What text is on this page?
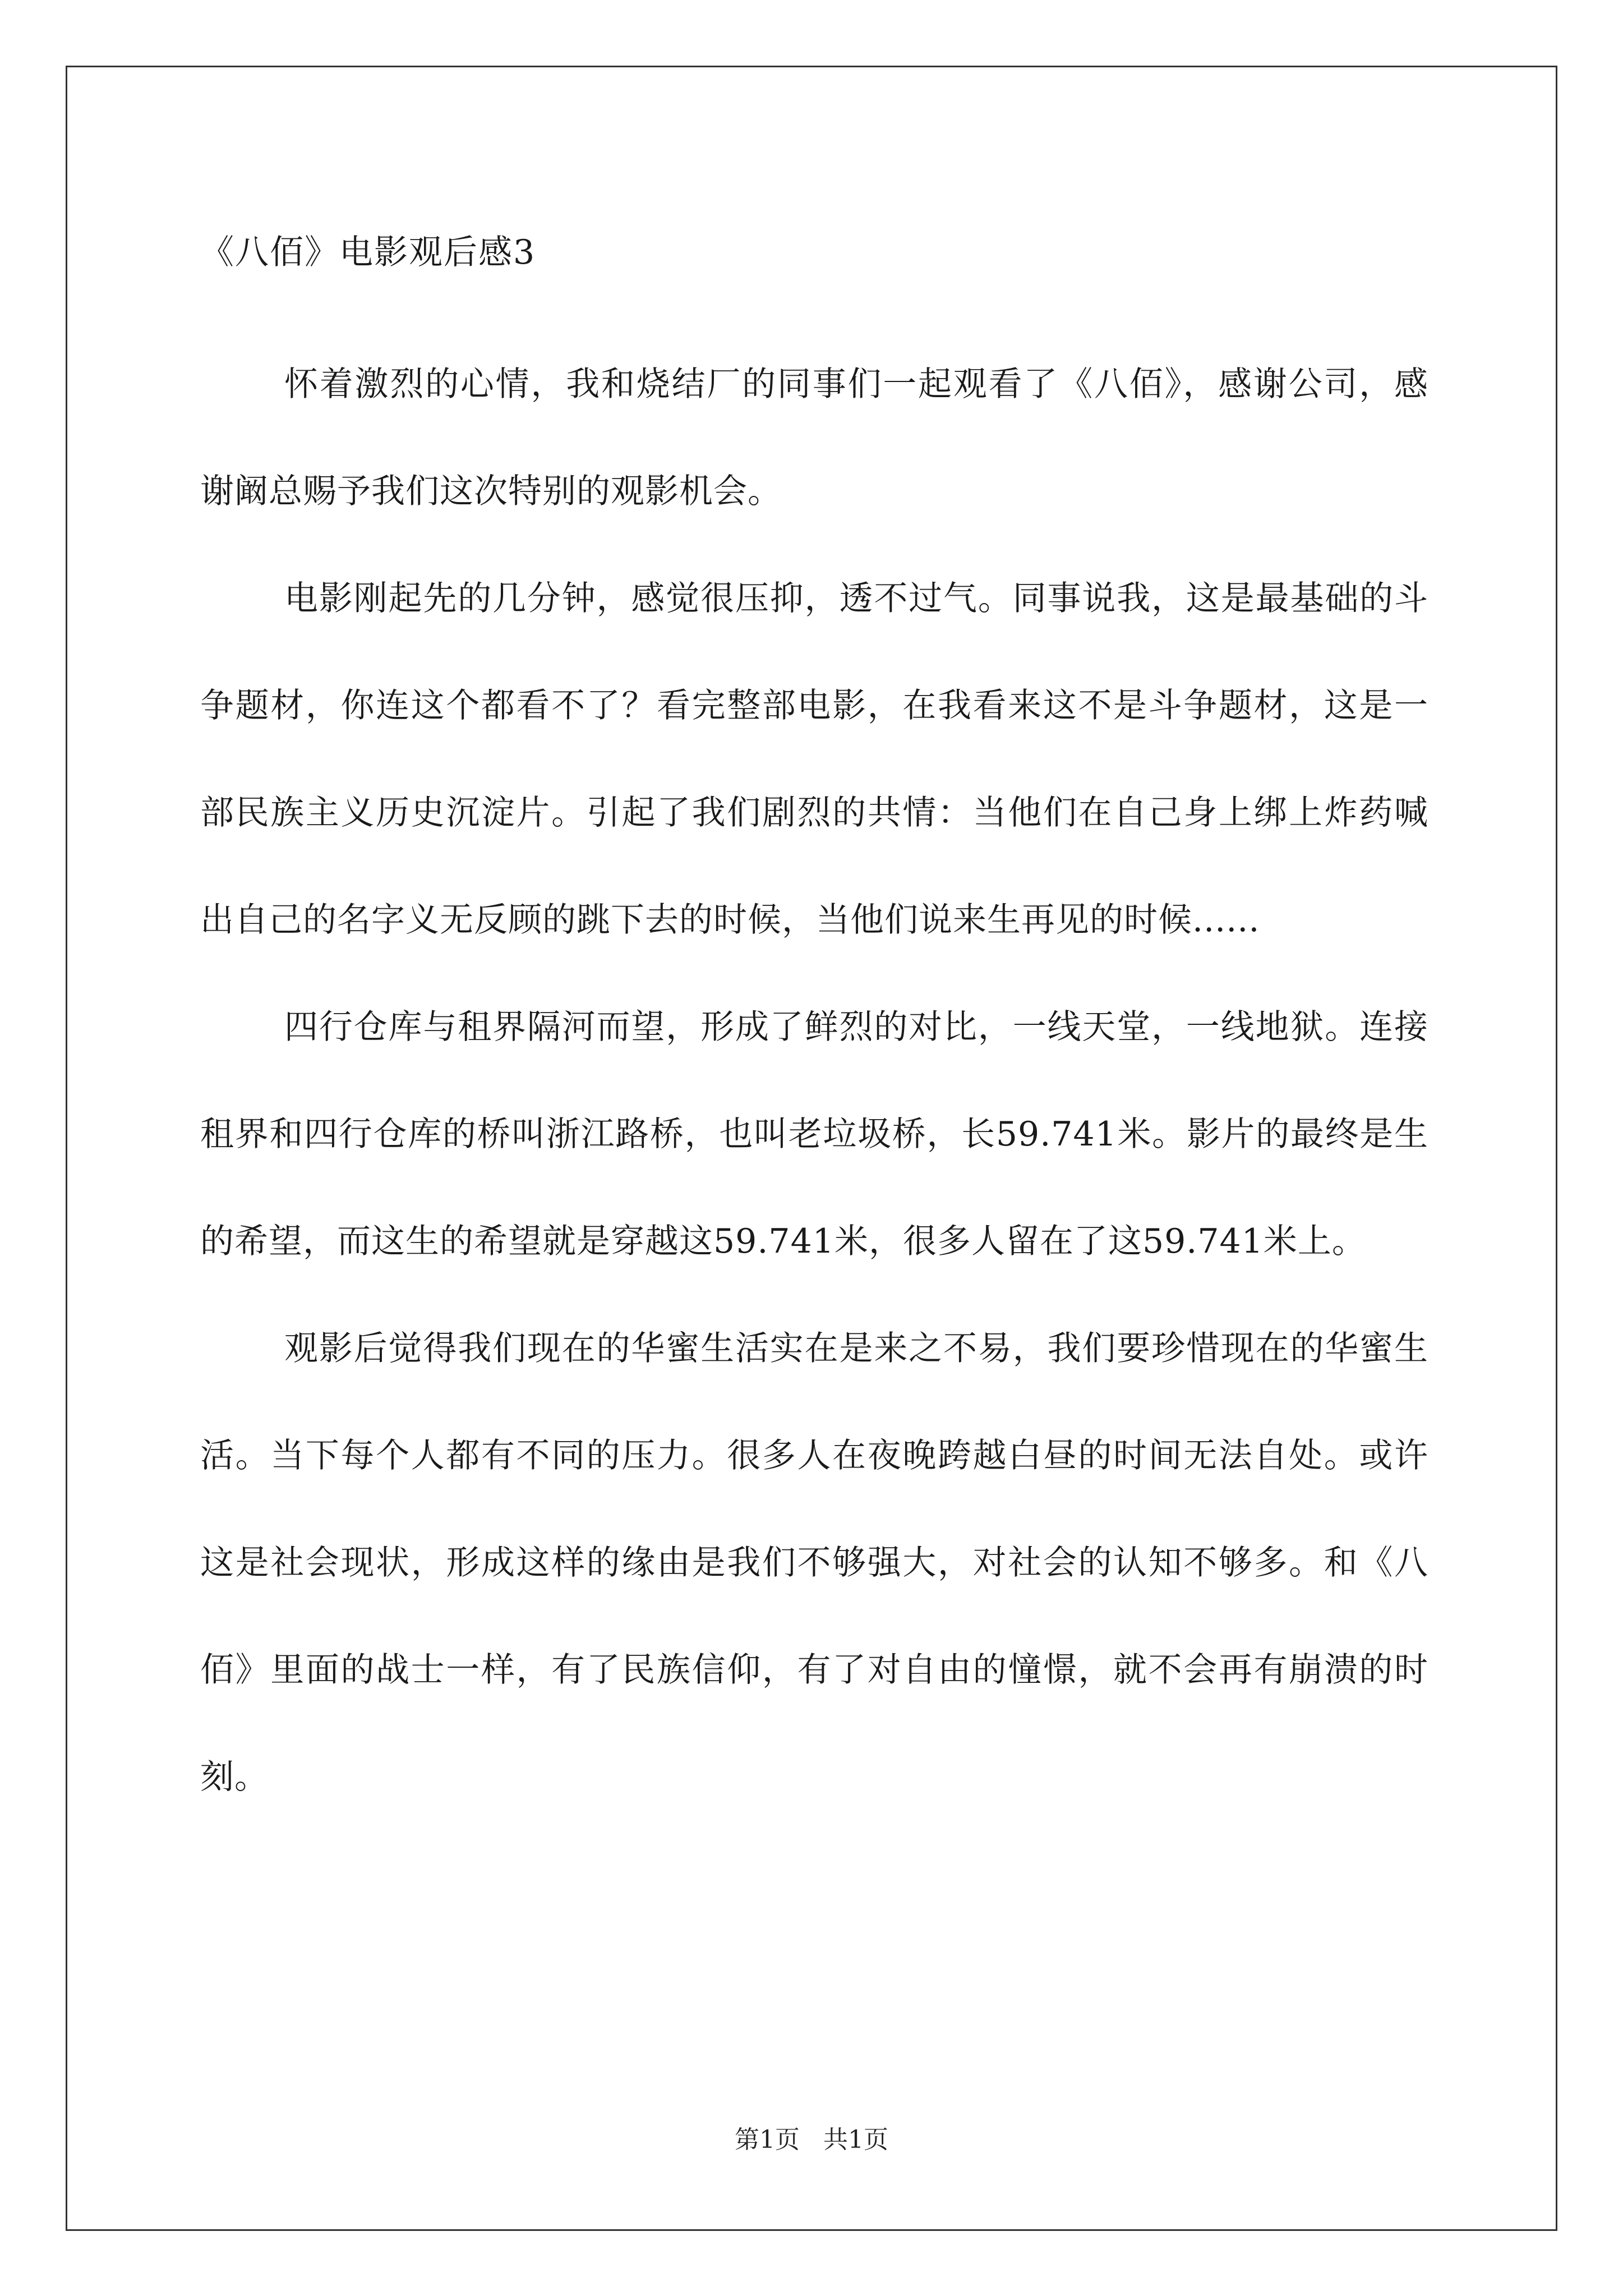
《八佰》电影观后感3

怀着激烈的心情，我和烧结厂的同事们一起观看了《八佰》，感谢公司，感谢阚总赐予我们这次特别的观影机会。

电影刚起先的几分钟，感觉很压抑，透不过气。同事说我，这是最基础的斗争题材，你连这个都看不了？看完整部电影，在我看来这不是斗争题材，这是一部民族主义历史沉淀片。引起了我们剧烈的共情：当他们在自己身上绑上炸药喊出自己的名字义无反顾的跳下去的时候，当他们说来生再见的时候......

四行仓库与租界隔河而望，形成了鲜烈的对比，一线天堂，一线地狱。连接租界和四行仓库的桥叫浙江路桥，也叫老垃圾桥，长59.741米。影片的最终是生的希望，而这生的希望就是穿越这59.741米，很多人留在了这59.741米上。

观影后觉得我们现在的华蜜生活实在是来之不易，我们要珍惜现在的华蜜生活。当下每个人都有不同的压力。很多人在夜晚跨越白昼的时间无法自处。或许这是社会现状，形成这样的缘由是我们不够强大，对社会的认知不够多。和《八佰》里面的战士一样，有了民族信仰，有了对自由的憧憬，就不会再有崩溃的时刻。

第1页   共1页
